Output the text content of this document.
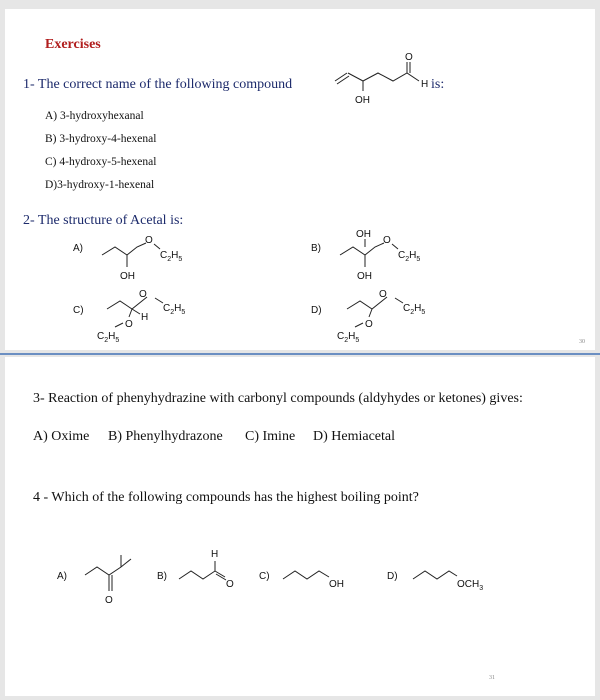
Exercises
1- The correct name of the following compound
O
H
OH
is:
A) 3-hydroxyhexanal
B) 3-hydroxy-4-hexenal
C) 4-hydroxy-5-hexenal
D)3-hydroxy-1-hexenal
2- The structure of Acetal is:
A)
O
$C_2H_5$
OH
B)
OH
O
$C_2H_5$
OH
C)
O
$C_2H_5$
H
O
$C_2H_5$
D)
O
$C_2H_5$
O
$C_2H_5$	30
3- Reaction of phenyhydrazine with carbonyl compounds (aldyhydes or ketones) gives:
A) Oxime B) Phenylhydrazone C) Imine D) Hemiacetal
4 - Which of the following compounds has the highest boiling point?
A)
O
B)
H
O
C)
OH
D)
$OCH_3$
31
